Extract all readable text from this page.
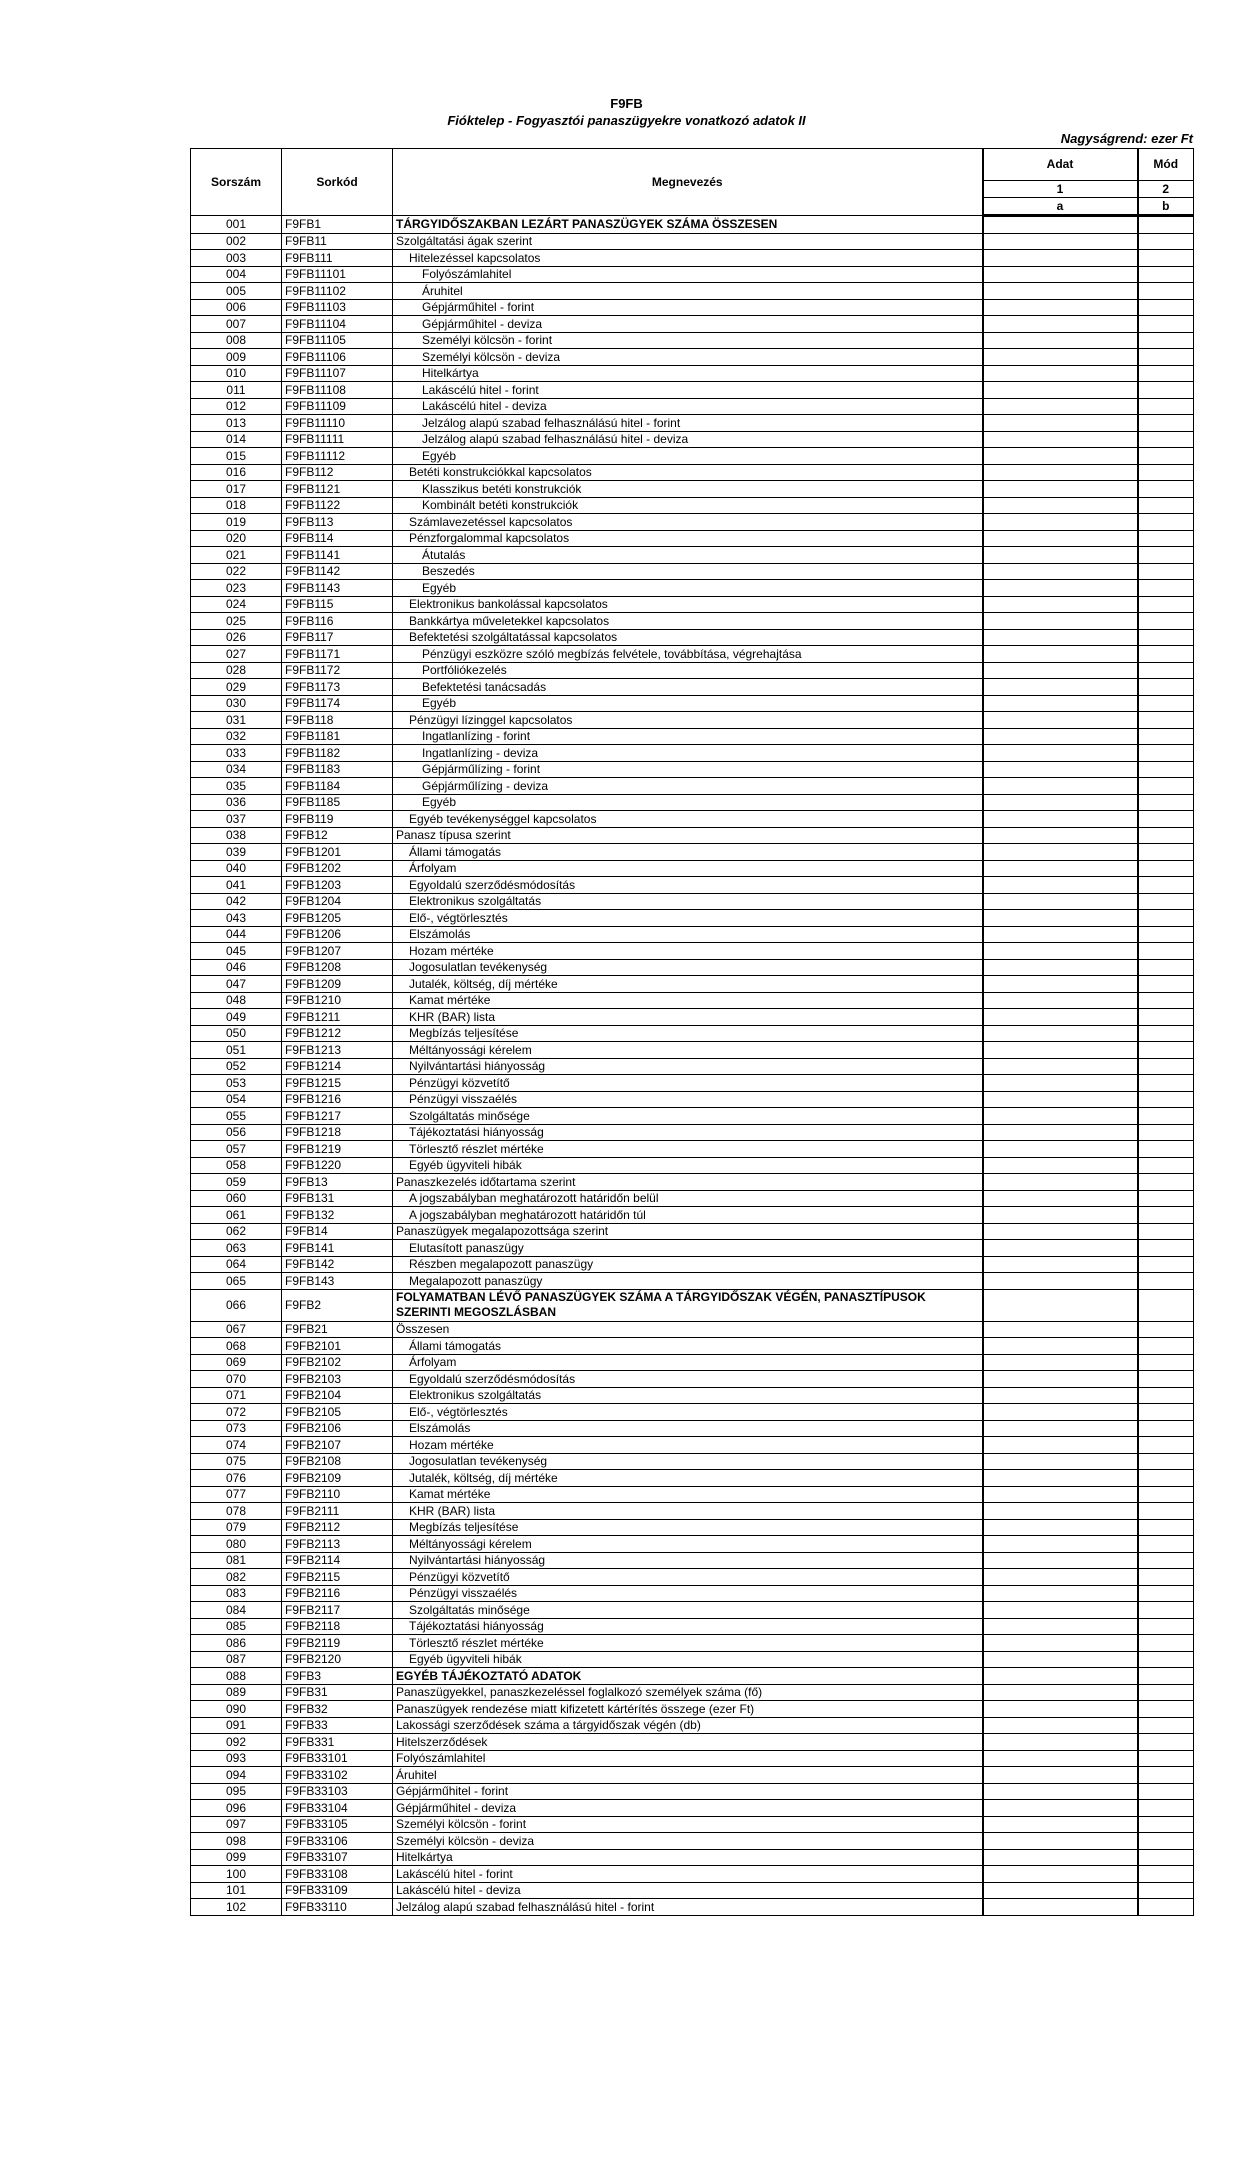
F9FB
Fióktelep - Fogyasztói panaszügyekre vonatkozó adatok II
Nagyságrend: ezer Ft
Sorszám	Sorkód	Megnevezés	Adat	Mód
			1	2
			a	b
001	F9FB1	TÁRGYIDŐSZAKBAN LEZÁRT PANASZÜGYEK SZÁMA ÖSSZESEN		
002	F9FB11	Szolgáltatási ágak szerint		
003	F9FB111	Hitelezéssel kapcsolatos		
004	F9FB11101	Folyószámlahitel		
005	F9FB11102	Áruhitel		
006	F9FB11103	Gépjárműhitel - forint		
007	F9FB11104	Gépjárműhitel - deviza		
008	F9FB11105	Személyi kölcsön - forint		
009	F9FB11106	Személyi kölcsön - deviza		
010	F9FB11107	Hitelkártya		
011	F9FB11108	Lakáscélú hitel - forint		
012	F9FB11109	Lakáscélú hitel - deviza		
013	F9FB11110	Jelzálog alapú szabad felhasználású hitel - forint		
014	F9FB11111	Jelzálog alapú szabad felhasználású hitel - deviza		
015	F9FB11112	Egyéb		
016	F9FB112	Betéti konstrukciókkal kapcsolatos		
017	F9FB1121	Klasszikus betéti konstrukciók		
018	F9FB1122	Kombinált betéti konstrukciók		
019	F9FB113	Számlavezetéssel kapcsolatos		
020	F9FB114	Pénzforgalommal kapcsolatos		
021	F9FB1141	Átutalás		
022	F9FB1142	Beszedés		
023	F9FB1143	Egyéb		
024	F9FB115	Elektronikus bankolással kapcsolatos		
025	F9FB116	Bankkártya műveletekkel kapcsolatos		
026	F9FB117	Befektetési szolgáltatással kapcsolatos		
027	F9FB1171	Pénzügyi eszközre szóló megbízás felvétele, továbbítása, végrehajtása		
028	F9FB1172	Portfóliókezelés		
029	F9FB1173	Befektetési tanácsadás		
030	F9FB1174	Egyéb		
031	F9FB118	Pénzügyi lízinggel kapcsolatos		
032	F9FB1181	Ingatlanlízing - forint		
033	F9FB1182	Ingatlanlízing - deviza		
034	F9FB1183	Gépjárműlízing - forint		
035	F9FB1184	Gépjárműlízing - deviza		
036	F9FB1185	Egyéb		
037	F9FB119	Egyéb tevékenységgel kapcsolatos		
038	F9FB12	Panasz típusa szerint		
039	F9FB1201	Állami támogatás		
040	F9FB1202	Árfolyam		
041	F9FB1203	Egyoldalú szerződésmódosítás		
042	F9FB1204	Elektronikus szolgáltatás		
043	F9FB1205	Elő-, végtörlesztés		
044	F9FB1206	Elszámolás		
045	F9FB1207	Hozam mértéke		
046	F9FB1208	Jogosulatlan tevékenység		
047	F9FB1209	Jutalék, költség, díj mértéke		
048	F9FB1210	Kamat mértéke		
049	F9FB1211	KHR (BAR) lista		
050	F9FB1212	Megbízás teljesítése		
051	F9FB1213	Méltányossági kérelem		
052	F9FB1214	Nyilvántartási hiányosság		
053	F9FB1215	Pénzügyi közvetítő		
054	F9FB1216	Pénzügyi visszaélés		
055	F9FB1217	Szolgáltatás minősége		
056	F9FB1218	Tájékoztatási hiányosság		
057	F9FB1219	Törlesztő részlet mértéke		
058	F9FB1220	Egyéb ügyviteli hibák		
059	F9FB13	Panaszkezelés időtartama szerint		
060	F9FB131	A jogszabályban meghatározott határidőn belül		
061	F9FB132	A jogszabályban meghatározott határidőn túl		
062	F9FB14	Panaszügyek megalapozottsága szerint		
063	F9FB141	Elutasított panaszügy		
064	F9FB142	Részben megalapozott panaszügy		
065	F9FB143	Megalapozott panaszügy		
066	F9FB2	FOLYAMATBAN LÉVŐ PANASZÜGYEK SZÁMA A TÁRGYIDŐSZAK VÉGÉN, PANASZTÍPUSOK SZERINTI MEGOSZLÁSBAN		
067	F9FB21	Összesen		
068	F9FB2101	Állami támogatás		
069	F9FB2102	Árfolyam		
070	F9FB2103	Egyoldalú szerződésmódosítás		
071	F9FB2104	Elektronikus szolgáltatás		
072	F9FB2105	Elő-, végtörlesztés		
073	F9FB2106	Elszámolás		
074	F9FB2107	Hozam mértéke		
075	F9FB2108	Jogosulatlan tevékenység		
076	F9FB2109	Jutalék, költség, díj mértéke		
077	F9FB2110	Kamat mértéke		
078	F9FB2111	KHR (BAR) lista		
079	F9FB2112	Megbízás teljesítése		
080	F9FB2113	Méltányossági kérelem		
081	F9FB2114	Nyilvántartási hiányosság		
082	F9FB2115	Pénzügyi közvetítő		
083	F9FB2116	Pénzügyi visszaélés		
084	F9FB2117	Szolgáltatás minősége		
085	F9FB2118	Tájékoztatási hiányosság		
086	F9FB2119	Törlesztő részlet mértéke		
087	F9FB2120	Egyéb ügyviteli hibák		
088	F9FB3	EGYÉB TÁJÉKOZTATÓ ADATOK		
089	F9FB31	Panaszügyekkel, panaszkezeléssel foglalkozó személyek száma (fő)		
090	F9FB32	Panaszügyek rendezése miatt kifizetett kártérítés összege (ezer Ft)		
091	F9FB33	Lakossági szerződések száma a tárgyidőszak végén (db)		
092	F9FB331	Hitelszerződések		
093	F9FB33101	Folyószámlahitel		
094	F9FB33102	Áruhitel		
095	F9FB33103	Gépjárműhitel - forint		
096	F9FB33104	Gépjárműhitel - deviza		
097	F9FB33105	Személyi kölcsön - forint		
098	F9FB33106	Személyi kölcsön - deviza		
099	F9FB33107	Hitelkártya		
100	F9FB33108	Lakáscélú hitel - forint		
101	F9FB33109	Lakáscélú hitel - deviza		
102	F9FB33110	Jelzálog alapú szabad felhasználású hitel - forint		
